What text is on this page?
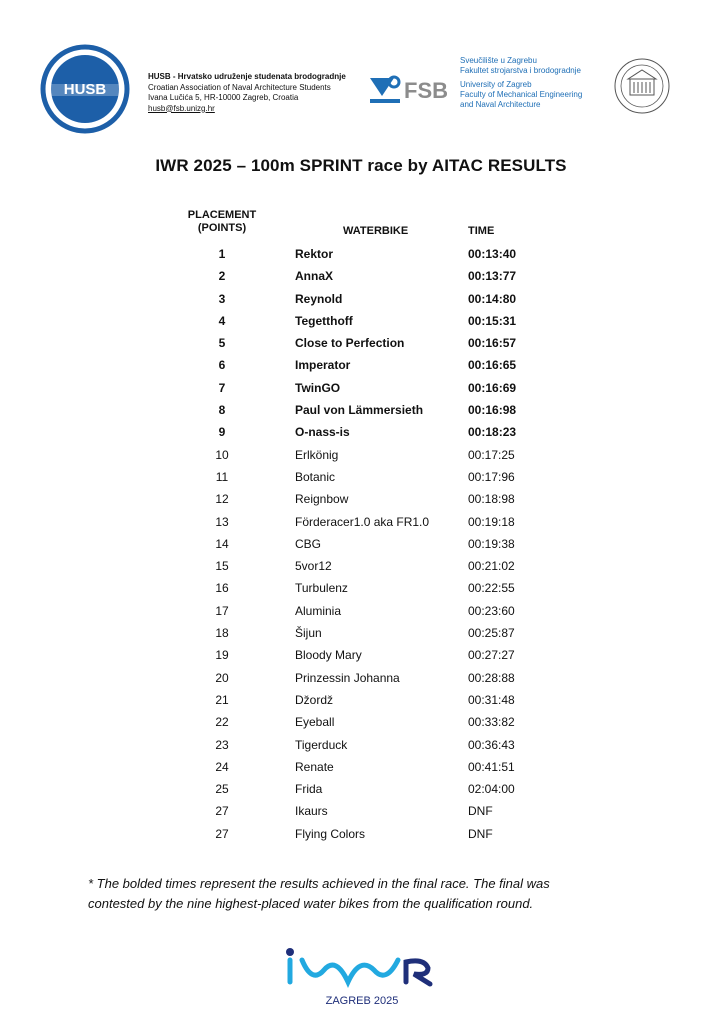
HUSB
HUSB - Hrvatsko udruženje studenata brodogradnje
Croatian Association of Naval Architecture Students
Ivana Lučića 5, HR-10000 Zagreb, Croatia
husb@fsb.unizg.hr
FSB
Sveučilište u Zagrebu
Fakultet strojarstva i brodogradnje
University of Zagreb
Faculty of Mechanical Engineering
and Naval Architecture
IWR 2025 – 100m SPRINT race by AITAC RESULTS
PLACEMENT
(POINTS)	WATERBIKE	TIME
1	Rektor	00:13:40
2	AnnaX	00:13:77
3	Reynold	00:14:80
4	Tegetthoff	00:15:31
5	Close to Perfection	00:16:57
6	Imperator	00:16:65
7	TwinGO	00:16:69
8	Paul von Lämmersieth	00:16:98
9	O-nass-is	00:18:23
10	Erlkönig	00:17:25
11	Botanic	00:17:96
12	Reignbow	00:18:98
13	Förderacer1.0 aka FR1.0	00:19:18
14	CBG	00:19:38
15	5vor12	00:21:02
16	Turbulenz	00:22:55
17	Aluminia	00:23:60
18	Šijun	00:25:87
19	Bloody Mary	00:27:27
20	Prinzessin Johanna	00:28:88
21	Džordž	00:31:48
22	Eyeball	00:33:82
23	Tigerduck	00:36:43
24	Renate	00:41:51
25	Frida	02:04:00
27	Ikaurs	DNF
27	Flying Colors	DNF
* The bolded times represent the results achieved in the final race. The final was
contested by the nine highest-placed water bikes from the qualification round.
IWR
ZAGREB 2025
